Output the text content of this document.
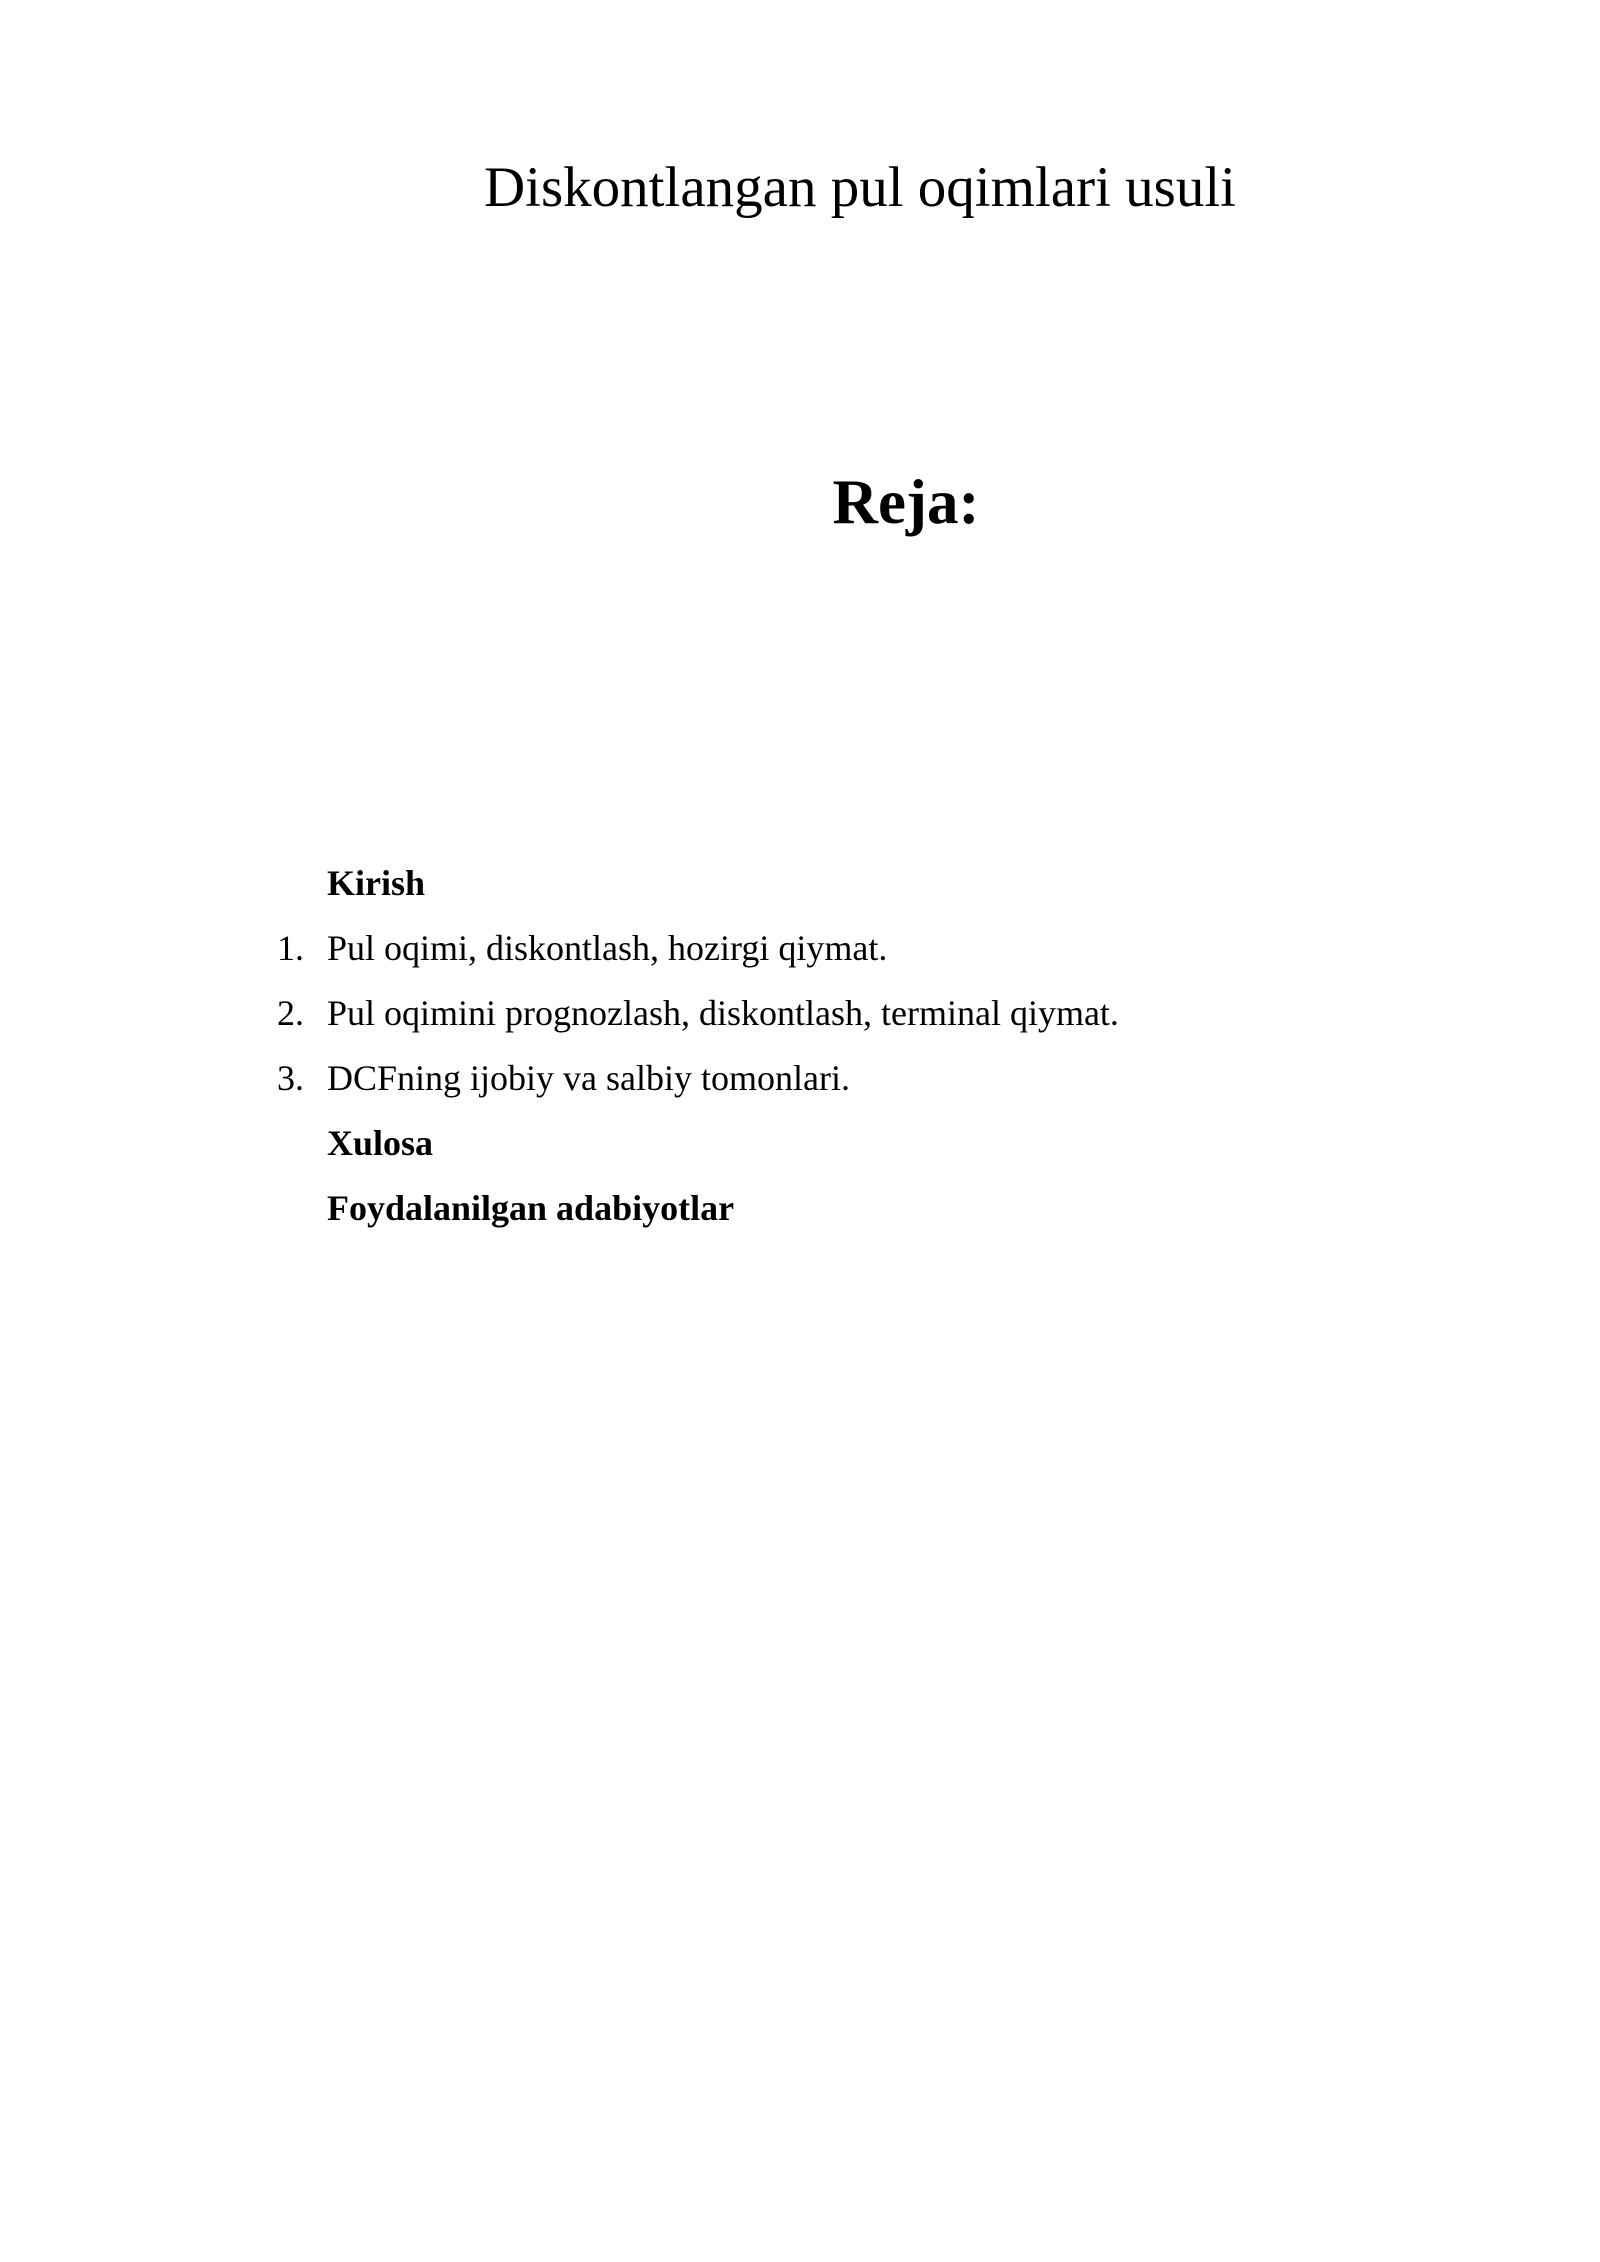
Diskontlangan pul oqimlari usuli
Reja:
Kirish
1. Pul oqimi, diskontlash, hozirgi qiymat.
2. Pul oqimini prognozlash, diskontlash, terminal qiymat.
3. DCFning ijobiy va salbiy tomonlari.
Xulosa
Foydalanilgan adabiyotlar
